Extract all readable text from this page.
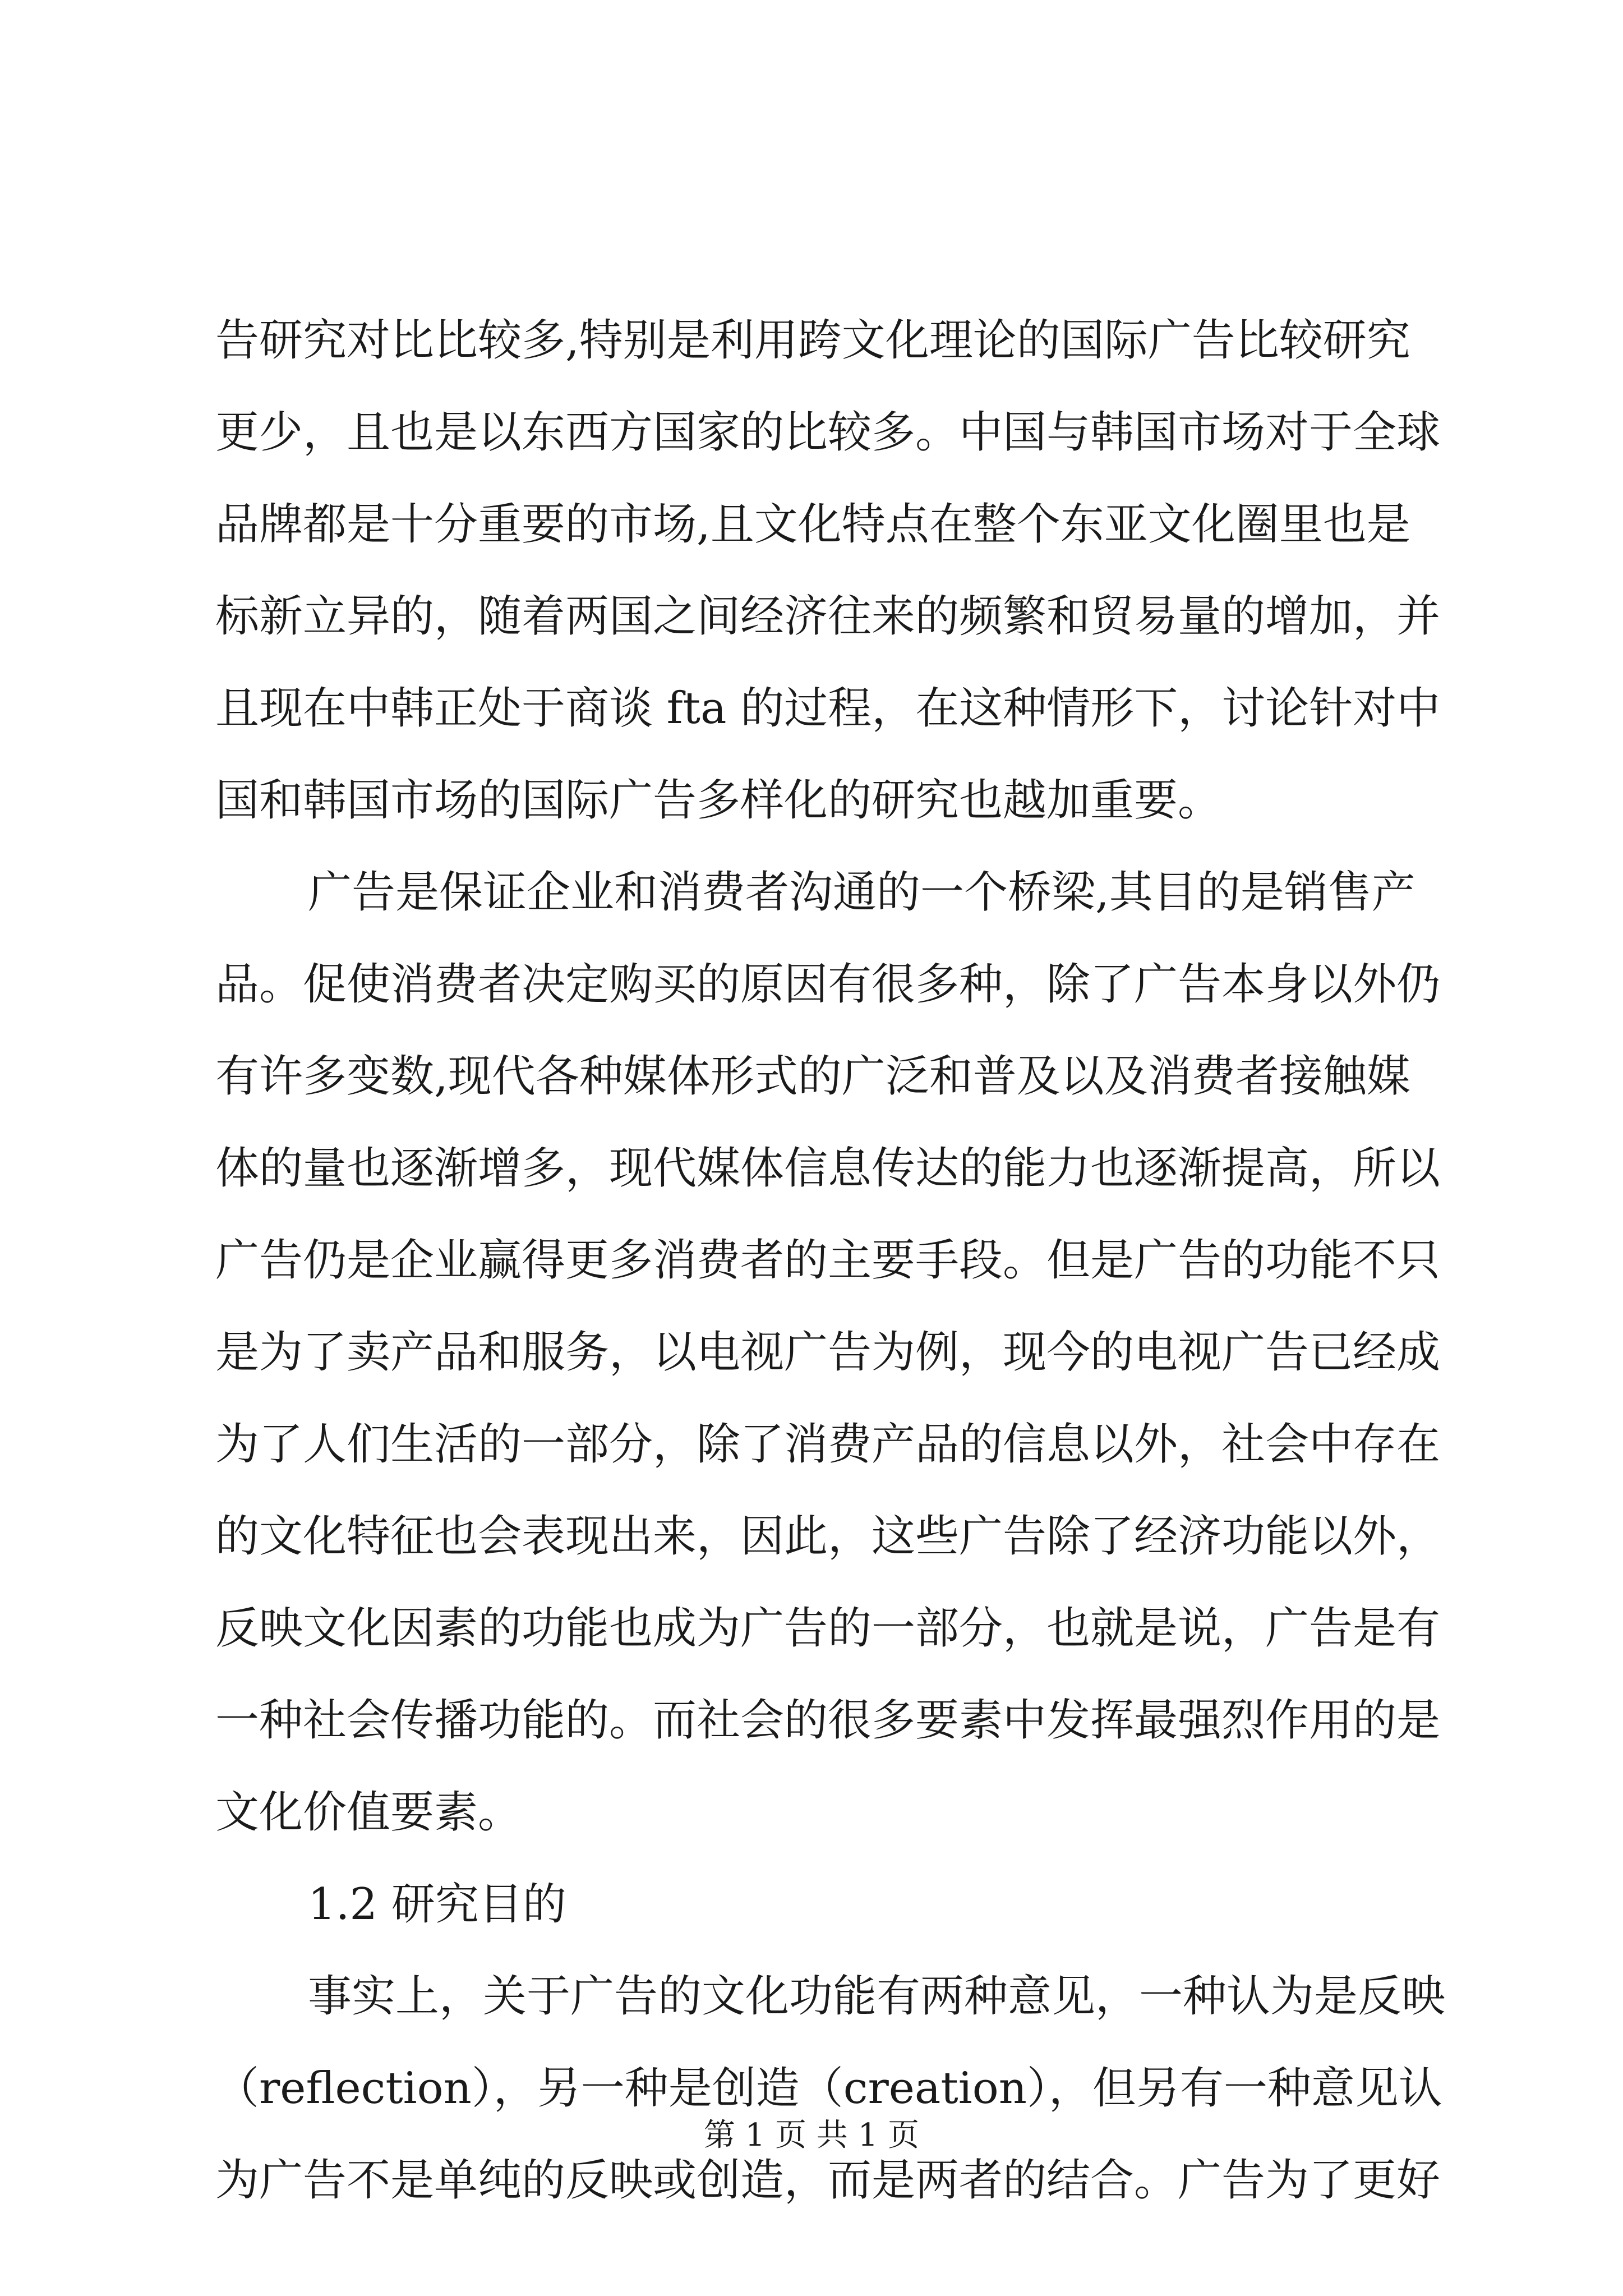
告研究对比比较多,特别是利用跨文化理论的国际广告比较研究
更少，且也是以东西方国家的比较多。中国与韩国市场对于全球
品牌都是十分重要的市场,且文化特点在整个东亚文化圈里也是
标新立异的，随着两国之间经济往来的频繁和贸易量的增加，并
且现在中韩正处于商谈 fta 的过程，在这种情形下，讨论针对中
国和韩国市场的国际广告多样化的研究也越加重要。
广告是保证企业和消费者沟通的一个桥梁,其目的是销售产
品。促使消费者决定购买的原因有很多种，除了广告本身以外仍
有许多变数,现代各种媒体形式的广泛和普及以及消费者接触媒
体的量也逐渐增多，现代媒体信息传达的能力也逐渐提高，所以
广告仍是企业赢得更多消费者的主要手段。但是广告的功能不只
是为了卖产品和服务，以电视广告为例，现今的电视广告已经成
为了人们生活的一部分，除了消费产品的信息以外，社会中存在
的文化特征也会表现出来，因此，这些广告除了经济功能以外，
反映文化因素的功能也成为广告的一部分，也就是说，广告是有
一种社会传播功能的。而社会的很多要素中发挥最强烈作用的是
文化价值要素。
1.2 研究目的
事实上，关于广告的文化功能有两种意见，一种认为是反映
（reflection），另一种是创造（creation），但另有一种意见认
为广告不是单纯的反映或创造，而是两者的结合。广告为了更好
第 1 页 共 1 页
